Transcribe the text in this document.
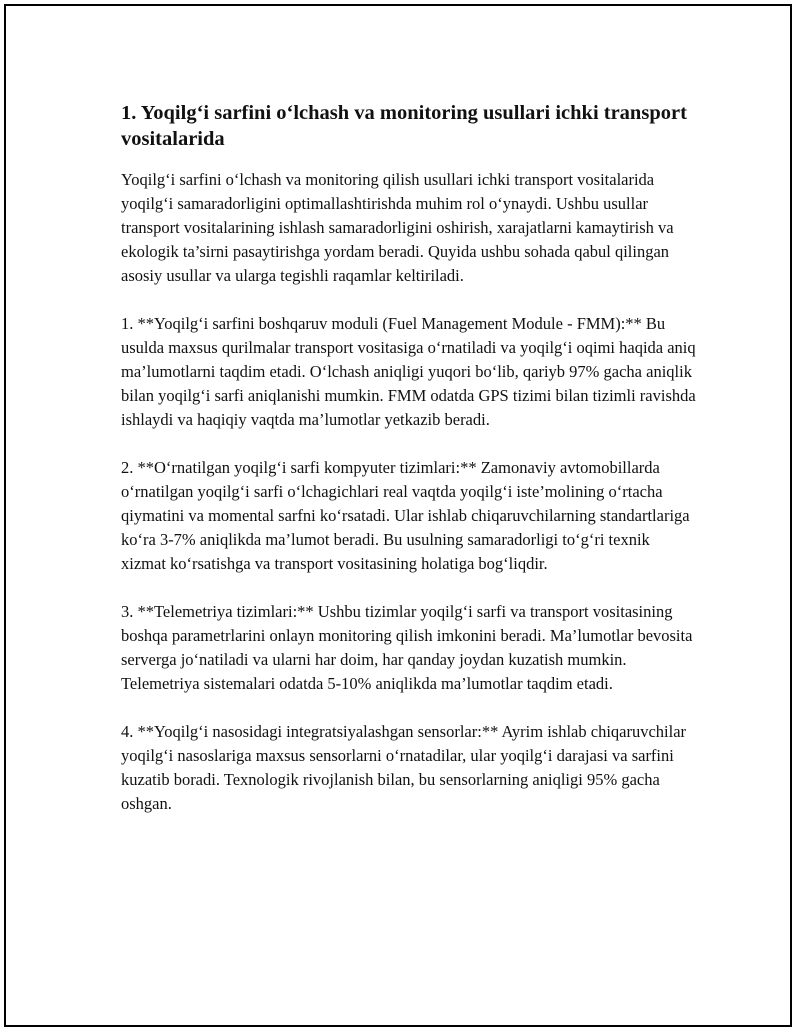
1. Yoqilg‘i sarfini o‘lchash va monitoring usullari ichki transport vositalarida

Yoqilg‘i sarfini o‘lchash va monitoring qilish usullari ichki transport vositalarida yoqilg‘i samaradorligini optimallashtirishda muhim rol o‘ynaydi. Ushbu usullar transport vositalarining ishlash samaradorligini oshirish, xarajatlarni kamaytirish va ekologik ta’sirni pasaytirishga yordam beradi. Quyida ushbu sohada qabul qilingan asosiy usullar va ularga tegishli raqamlar keltiriladi.

1. **Yoqilg‘i sarfini boshqaruv moduli (Fuel Management Module - FMM):** Bu usulda maxsus qurilmalar transport vositasiga o‘rnatiladi va yoqilg‘i oqimi haqida aniq ma’lumotlarni taqdim etadi. O‘lchash aniqligi yuqori bo‘lib, qariyb 97% gacha aniqlik bilan yoqilg‘i sarfi aniqlanishi mumkin. FMM odatda GPS tizimi bilan tizimli ravishda ishlaydi va haqiqiy vaqtda ma’lumotlar yetkazib beradi.

2. **O‘rnatilgan yoqilg‘i sarfi kompyuter tizimlari:** Zamonaviy avtomobillarda o‘rnatilgan yoqilg‘i sarfi o‘lchagichlari real vaqtda yoqilg‘i iste’molining o‘rtacha qiymatini va momental sarfni ko‘rsatadi. Ular ishlab chiqaruvchilarning standartlariga ko‘ra 3-7% aniqlikda ma’lumot beradi. Bu usulning samaradorligi to‘g‘ri texnik xizmat ko‘rsatishga va transport vositasining holatiga bog‘liqdir.

3. **Telemetriya tizimlari:** Ushbu tizimlar yoqilg‘i sarfi va transport vositasining boshqa parametrlarini onlayn monitoring qilish imkonini beradi. Ma’lumotlar bevosita serverga jo‘natiladi va ularni har doim, har qanday joydan kuzatish mumkin. Telemetriya sistemalari odatda 5-10% aniqlikda ma’lumotlar taqdim etadi.

4. **Yoqilg‘i nasosidagi integratsiyalashgan sensorlar:** Ayrim ishlab chiqaruvchilar yoqilg‘i nasoslariga maxsus sensorlarni o‘rnatadilar, ular yoqilg‘i darajasi va sarfini kuzatib boradi. Texnologik rivojlanish bilan, bu sensorlarning aniqligi 95% gacha oshgan.
